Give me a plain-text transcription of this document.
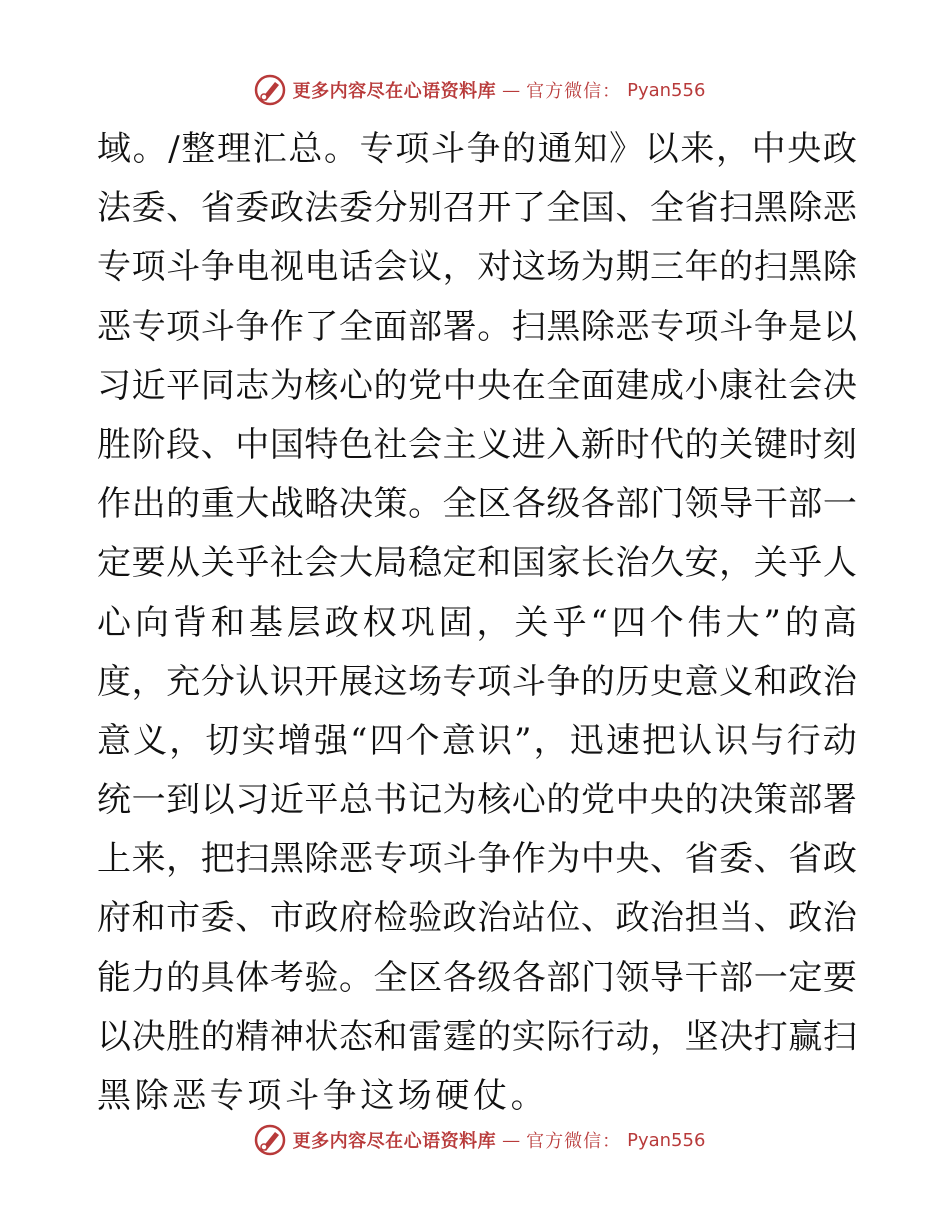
更多内容尽在心语资料库 — 官方微信： Pyan556
域 。 / 整 理 汇 总 。 专 项 斗 争 的 通 知 》 以 来 ， 中 央 政
法 委 、 省 委 政 法 委 分 别 召 开 了 全 国 、 全 省 扫 黑 除 恶
专 项 斗 争 电 视 电 话 会 议 ， 对 这 场 为 期 三 年 的 扫 黑 除
恶 专 项 斗 争 作 了 全 面 部 署 。 扫 黑 除 恶 专 项 斗 争 是 以
习 近 平 同 志 为 核 心 的 党 中 央 在 全 面 建 成 小 康 社 会 决
胜 阶 段 、 中 国 特 色 社 会 主 义 进 入 新 时 代 的 关 键 时 刻
作 出 的 重 大 战 略 决 策 。 全 区 各 级 各 部 门 领 导 干 部 一
定 要 从 关 乎 社 会 大 局 稳 定 和 国 家 长 治 久 安 ， 关 乎 人
心 向 背 和 基 层 政 权 巩 固 ， 关 乎 “ 四 个 伟 大 ” 的 高
度 ， 充 分 认 识 开 展 这 场 专 项 斗 争 的 历 史 意 义 和 政 治
意 义 ， 切 实 增 强 “ 四 个 意 识 ” ， 迅 速 把 认 识 与 行 动
统 一 到 以 习 近 平 总 书 记 为 核 心 的 党 中 央 的 决 策 部 署
上 来 ， 把 扫 黑 除 恶 专 项 斗 争 作 为 中 央 、 省 委 、 省 政
府 和 市 委 、 市 政 府 检 验 政 治 站 位 、 政 治 担 当 、 政 治
能 力 的 具 体 考 验 。 全 区 各 级 各 部 门 领 导 干 部 一 定 要
以 决 胜 的 精 神 状 态 和 雷 霆 的 实 际 行 动 ， 坚 决 打 赢 扫
黑除恶专项斗争这场硬仗。
更多内容尽在心语资料库 — 官方微信： Pyan556
